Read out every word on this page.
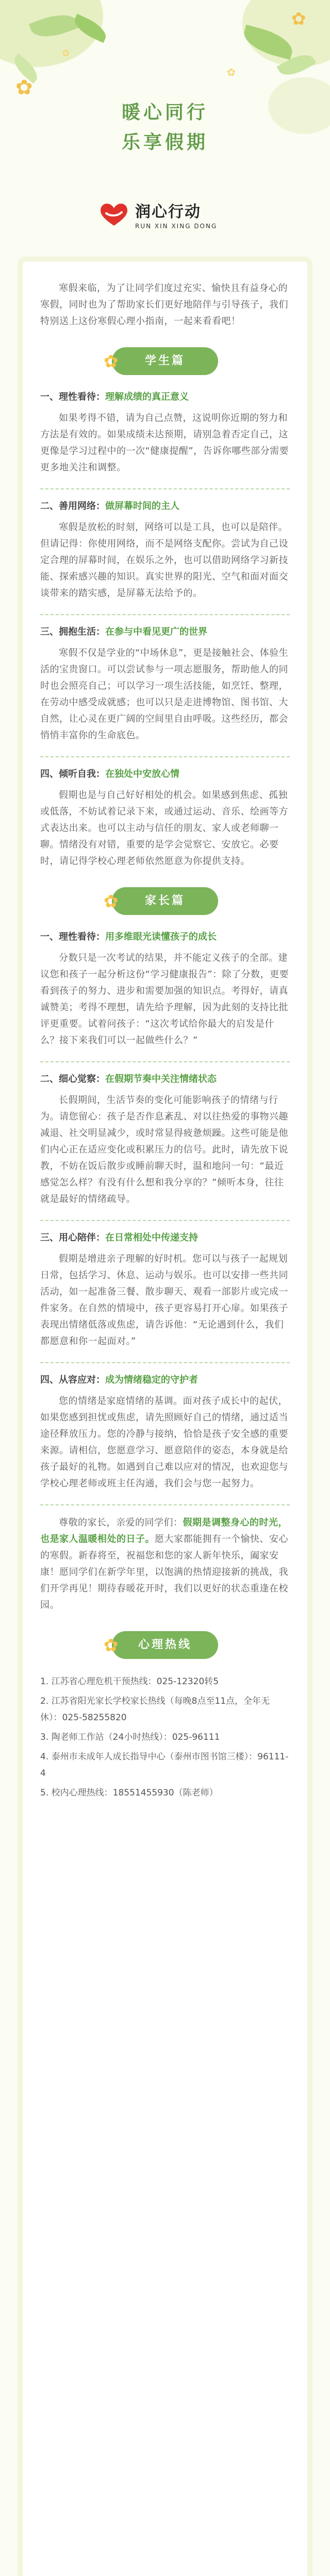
✿
✿
✿
✿
暖心同行
乐享假期
润心行动
RUN XIN XING DONG

寒假来临，为了让同学们度过充实、愉快且有益身心的寒假，同时也为了帮助家长们更好地陪伴与引导孩子，我们特别送上这份寒假心理小指南，一起来看看吧！

✿ 学生篇
一、理性看待：理解成绩的真正意义

如果考得不错，请为自己点赞，这说明你近期的努力和方法是有效的。如果成绩未达预期，请别急着否定自己，这更像是学习过程中的一次“健康提醒”，告诉你哪些部分需要更多地关注和调整。

二、善用网络：做屏幕时间的主人

寒假是放松的时刻，网络可以是工具，也可以是陪伴。但请记得：你使用网络，而不是网络支配你。尝试为自己设定合理的屏幕时间，在娱乐之外，也可以借助网络学习新技能、探索感兴趣的知识。真实世界的阳光、空气和面对面交谈带来的踏实感，是屏幕无法给予的。

三、拥抱生活：在参与中看见更广的世界

寒假不仅是学业的“中场休息”，更是接触社会、体验生活的宝贵窗口。可以尝试参与一项志愿服务，帮助他人的同时也会照亮自己；可以学习一项生活技能，如烹饪、整理，在劳动中感受成就感；也可以只是走进博物馆、图书馆、大自然，让心灵在更广阔的空间里自由呼吸。这些经历，都会悄悄丰富你的生命底色。

四、倾听自我：在独处中安放心情

假期也是与自己好好相处的机会。如果感到焦虑、孤独或低落，不妨试着记录下来，或通过运动、音乐、绘画等方式表达出来。也可以主动与信任的朋友、家人或老师聊一聊。情绪没有对错，重要的是学会觉察它、安放它。必要时，请记得学校心理老师依然愿意为你提供支持。

✿ 家长篇
一、理性看待：用多维眼光读懂孩子的成长

分数只是一次考试的结果，并不能定义孩子的全部。建议您和孩子一起分析这份“学习健康报告”：除了分数，更要看到孩子的努力、进步和需要加强的知识点。考得好，请真诚赞美；考得不理想，请先给予理解，因为此刻的支持比批评更重要。试着问孩子：“这次考试给你最大的启发是什么？接下来我们可以一起做些什么？”

二、细心觉察：在假期节奏中关注情绪状态

长假期间，生活节奏的变化可能影响孩子的情绪与行为。请您留心：孩子是否作息紊乱、对以往热爱的事物兴趣减退、社交明显减少，或时常显得疲惫烦躁。这些可能是他们内心正在适应变化或积累压力的信号。此时，请先放下说教，不妨在饭后散步或睡前聊天时，温和地问一句：“最近感觉怎么样？有没有什么想和我分享的？”倾听本身，往往就是最好的情绪疏导。

三、用心陪伴：在日常相处中传递支持

假期是增进亲子理解的好时机。您可以与孩子一起规划日常，包括学习、休息、运动与娱乐。也可以安排一些共同活动，如一起准备三餐、散步聊天、观看一部影片或完成一件家务。在自然的情境中，孩子更容易打开心扉。如果孩子表现出情绪低落或焦虑，请告诉他：“无论遇到什么，我们都愿意和你一起面对。”

四、从容应对：成为情绪稳定的守护者

您的情绪是家庭情绪的基调。面对孩子成长中的起伏，如果您感到担忧或焦虑，请先照顾好自己的情绪，通过适当途径释放压力。您的冷静与接纳，恰恰是孩子安全感的重要来源。请相信，您愿意学习、愿意陪伴的姿态，本身就是给孩子最好的礼物。如遇到自己难以应对的情况，也欢迎您与学校心理老师或班主任沟通，我们会与您一起努力。

尊敬的家长，亲爱的同学们：假期是调整身心的时光，也是家人温暖相处的日子。愿大家都能拥有一个愉快、安心的寒假。新春将至，祝福您和您的家人新年快乐，阖家安康！愿同学们在新学年里，以饱满的热情迎接新的挑战，我们开学再见！期待春暖花开时，我们以更好的状态重逢在校园。

✿ 心理热线

1. 江苏省心理危机干预热线：025-12320转5

2. 江苏省阳光家长学校家长热线（每晚8点至11点，全年无休）：025-58255820

3. 陶老师工作站（24小时热线）：025-96111

4. 泰州市未成年人成长指导中心（泰州市图书馆三楼）：96111-4

5. 校内心理热线：18551455930（陈老师）
